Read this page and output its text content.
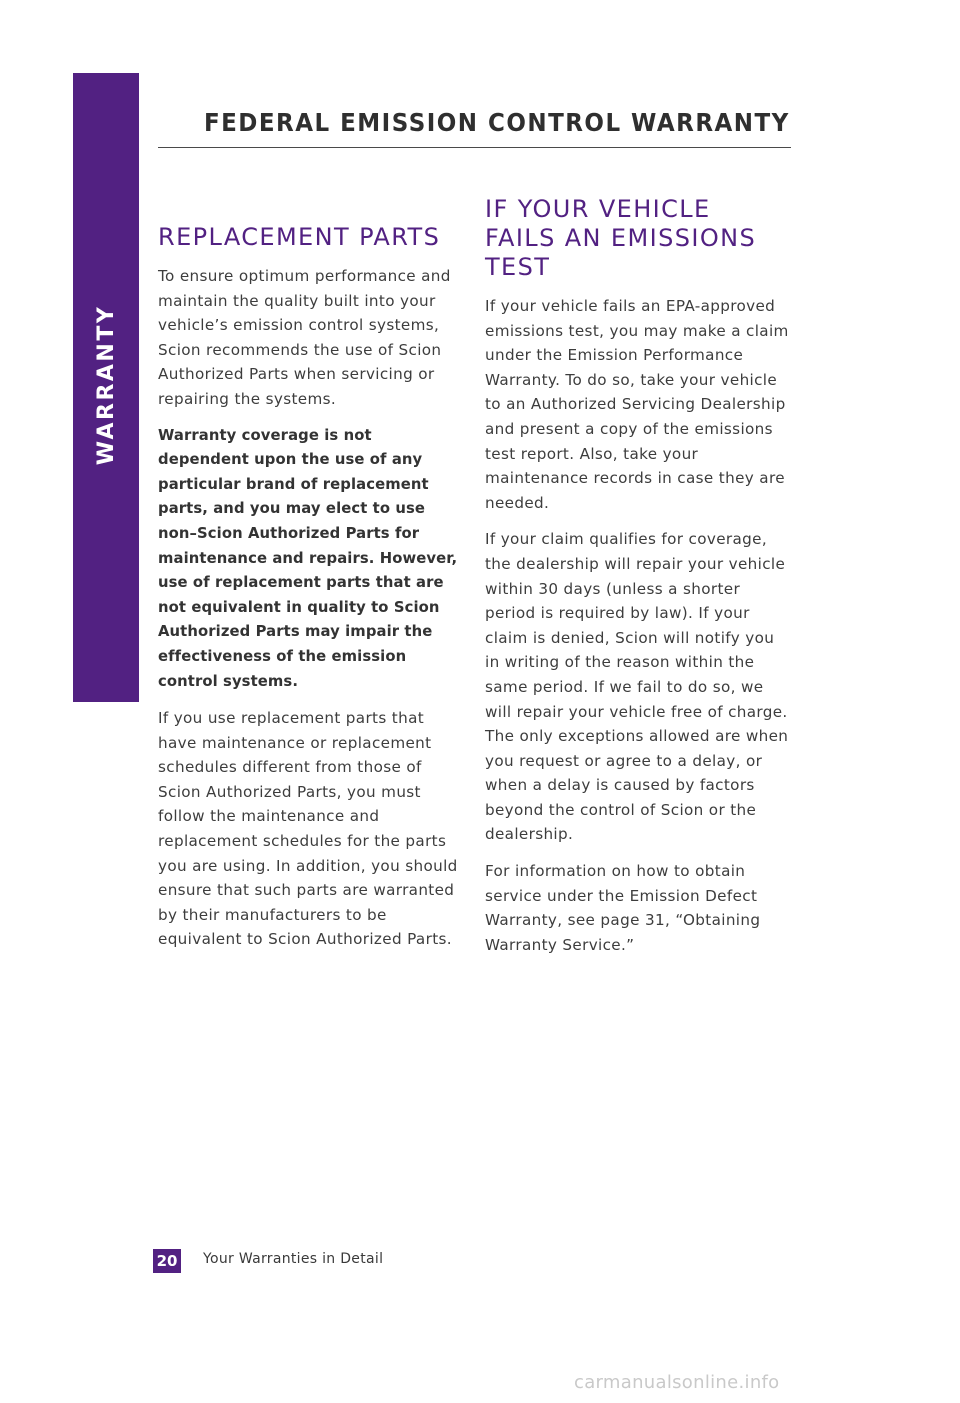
WARRANTY
FEDERAL EMISSION CONTROL WARRANTY
REPLACEMENT PARTS

To ensure optimum performance and maintain the quality built into your vehicle’s emission control systems, Scion recommends the use of Scion Authorized Parts when servicing or repairing the systems.

Warranty coverage is not dependent upon the use of any particular brand of replacement parts, and you may elect to use non–Scion Authorized Parts for maintenance and repairs. However, use of replacement parts that are not equivalent in quality to Scion Authorized Parts may impair the effectiveness of the emission control systems.

If you use replacement parts that have maintenance or replacement schedules different from those of Scion Authorized Parts, you must follow the maintenance and replacement schedules for the parts you are using. In addition, you should ensure that such parts are warranted by their manufacturers to be equivalent to Scion Authorized Parts.

IF YOUR VEHICLE FAILS AN EMISSIONS TEST

If your vehicle fails an EPA-approved emissions test, you may make a claim under the Emission Performance Warranty. To do so, take your vehicle to an Authorized Servicing Dealership and present a copy of the emissions test report. Also, take your maintenance records in case they are needed.

If your claim qualifies for coverage, the dealership will repair your vehicle within 30 days (unless a shorter period is required by law). If your claim is denied, Scion will notify you in writing of the reason within the same period. If we fail to do so, we will repair your vehicle free of charge. The only exceptions allowed are when you request or agree to a delay, or when a delay is caused by factors beyond the control of Scion or the dealership.

For information on how to obtain service under the Emission Defect Warranty, see page 31, “Obtaining Warranty Service.”

20 Your Warranties in Detail
carmanualsonline.info
